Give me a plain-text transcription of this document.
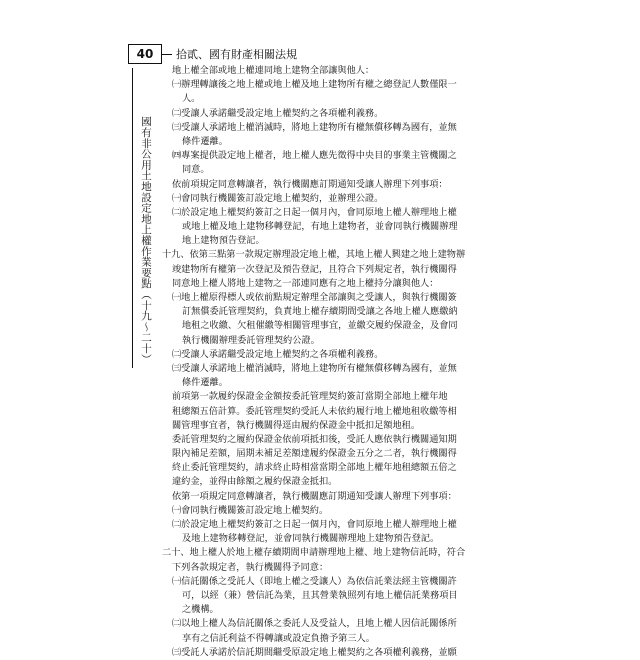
40	拾貳、國有財產相關法規
國有非公用土地設定地上權作業要點（十九～二十）
地上權全部或地上權連同地上建物全部讓與他人：
㈠辦理轉讓後之地上權或地上權及地上建物所有權之總登記人數僅限一
人。
㈡受讓人承諾繼受設定地上權契約之各項權利義務。
㈢受讓人承諾地上權消滅時，將地上建物所有權無償移轉為國有，並無
條件遷離。
㈣專案提供設定地上權者，地上權人應先徵得中央目的事業主管機關之
同意。
依前項規定同意轉讓者，執行機關應訂期通知受讓人辦理下列事項：
㈠會同執行機關簽訂設定地上權契約，並辦理公證。
㈡於設定地上權契約簽訂之日起一個月內，會同原地上權人辦理地上權
或地上權及地上建物移轉登記，有地上建物者，並會同執行機關辦理
地上建物預告登記。
十九、依第三點第一款規定辦理設定地上權，其地上權人興建之地上建物辦
竣建物所有權第一次登記及預告登記，且符合下列規定者，執行機關得
同意地上權人將地上建物之一部連同應有之地上權持分讓與他人：
㈠地上權原得標人或依前點規定辦理全部讓與之受讓人，與執行機關簽
訂無償委託管理契約，負責地上權存續期間受讓之各地上權人應繳納
地租之收繳、欠租催繳等相關管理事宜，並繳交履約保證金，及會同
執行機關辦理委託管理契約公證。
㈡受讓人承諾繼受設定地上權契約之各項權利義務。
㈢受讓人承諾地上權消滅時，將地上建物所有權無償移轉為國有，並無
條件遷離。
前項第一款履約保證金金額按委託管理契約簽訂當期全部地上權年地
租總額五倍計算。委託管理契約受託人未依約履行地上權地租收繳等相
關管理事宜者，執行機關得逕由履約保證金中抵扣足額地租。
委託管理契約之履約保證金依前項抵扣後，受託人應依執行機關通知期
限內補足差額，屆期未補足差額達履約保證金五分之二者，執行機關得
終止委託管理契約，請求終止時相當當期全部地上權年地租總額五倍之
違約金，並得由餘額之履約保證金抵扣。
依第一項規定同意轉讓者，執行機關應訂期通知受讓人辦理下列事項：
㈠會同執行機關簽訂設定地上權契約。
㈡於設定地上權契約簽訂之日起一個月內，會同原地上權人辦理地上權
及地上建物移轉登記，並會同執行機關辦理地上建物預告登記。
二十、地上權人於地上權存續期間申請辦理地上權、地上建物信託時，符合
下列各款規定者，執行機關得予同意：
㈠信託關係之受託人（即地上權之受讓人）為依信託業法經主管機關許
可，以經（兼）營信託為業，且其營業執照列有地上權信託業務項目
之機構。
㈡以地上權人為信託關係之委託人及受益人，且地上權人因信託關係所
享有之信託利益不得轉讓或設定負擔予第三人。
㈢受託人承諾於信託期間繼受原設定地上權契約之各項權利義務，並願
